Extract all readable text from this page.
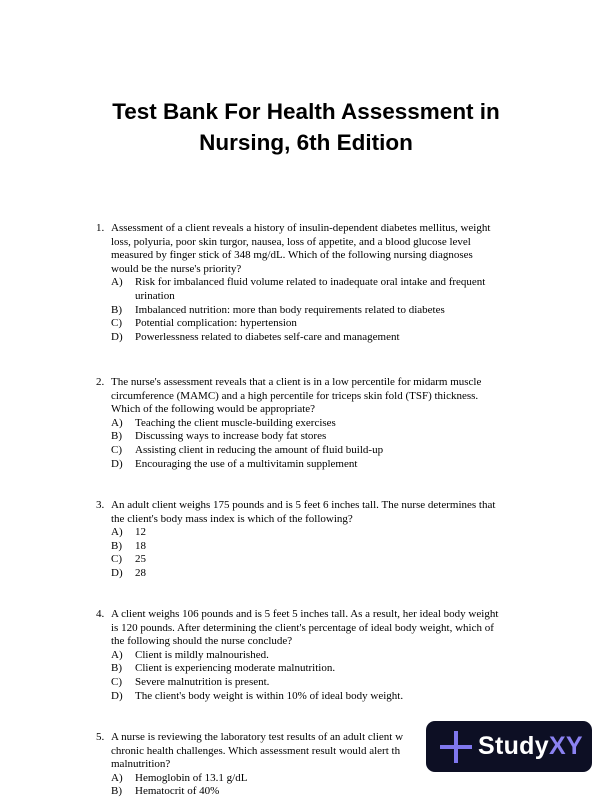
Test Bank For Health Assessment in
Nursing, 6th Edition
1. Assessment of a client reveals a history of insulin-dependent diabetes mellitus, weight
loss, polyuria, poor skin turgor, nausea, loss of appetite, and a blood glucose level
measured by finger stick of 348 mg/dL. Which of the following nursing diagnoses
would be the nurse's priority?
A)	Risk for imbalanced fluid volume related to inadequate oral intake and frequent
urination
B)	Imbalanced nutrition: more than body requirements related to diabetes
C)	Potential complication: hypertension
D)	Powerlessness related to diabetes self-care and management
2. The nurse's assessment reveals that a client is in a low percentile for midarm muscle
circumference (MAMC) and a high percentile for triceps skin fold (TSF) thickness.
Which of the following would be appropriate?
A)	Teaching the client muscle-building exercises
B)	Discussing ways to increase body fat stores
C)	Assisting client in reducing the amount of fluid build-up
D)	Encouraging the use of a multivitamin supplement
3. An adult client weighs 175 pounds and is 5 feet 6 inches tall. The nurse determines that
the client's body mass index is which of the following?
A)	12
B)	18
C)	25
D)	28
4. A client weighs 106 pounds and is 5 feet 5 inches tall. As a result, her ideal body weight
is 120 pounds. After determining the client's percentage of ideal body weight, which of
the following should the nurse conclude?
A)	Client is mildly malnourished.
B)	Client is experiencing moderate malnutrition.
C)	Severe malnutrition is present.
D)	The client's body weight is within 10% of ideal body weight.
5. A nurse is reviewing the laboratory test results of an adult client w
chronic health challenges. Which assessment result would alert th
malnutrition?
A)	Hemoglobin of 13.1 g/dL
B)	Hematocrit of 40%
StudyXY
